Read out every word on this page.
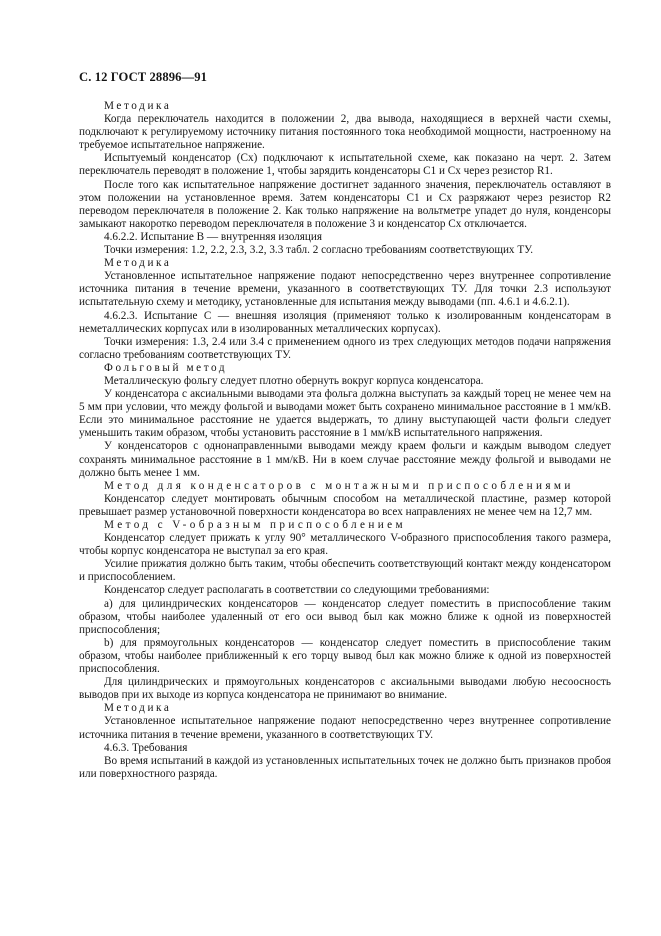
С. 12 ГОСТ 28896—91
Методика

Когда переключатель находится в положении 2, два вывода, находящиеся в верхней части схемы, подключают к регулируемому источнику питания постоянного тока необходимой мощности, настроенному на требуемое испытательное напряжение.

Испытуемый конденсатор (Cx) подключают к испытательной схеме, как показано на черт. 2. Затем переключатель переводят в положение 1, чтобы зарядить конденсаторы C1 и Cx через резистор R1.

После того как испытательное напряжение достигнет заданного значения, переключатель оставляют в этом положении на установленное время. Затем конденсаторы C1 и Cx разряжают через резистор R2 переводом переключателя в положение 2. Как только напряжение на вольтметре упадет до нуля, конденсоры замыкают накоротко переводом переключателя в положение 3 и конденсатор Cx отключается.

4.6.2.2. Испытание В — внутренняя изоляция

Точки измерения: 1.2, 2.2, 2.3, 3.2, 3.3 табл. 2 согласно требованиям соответствующих ТУ.

Методика

Установленное испытательное напряжение подают непосредственно через внутреннее сопротивление источника питания в течение времени, указанного в соответствующих ТУ. Для точки 2.3 используют испытательную схему и методику, установленные для испытания между выводами (пп. 4.6.1 и 4.6.2.1).

4.6.2.3. Испытание С — внешняя изоляция (применяют только к изолированным конденсаторам в неметаллических корпусах или в изолированных металлических корпусах).

Точки измерения: 1.3, 2.4 или 3.4 с применением одного из трех следующих методов подачи напряжения согласно требованиям соответствующих ТУ.

Фольговый метод

Металлическую фольгу следует плотно обернуть вокруг корпуса конденсатора.

У конденсатора с аксиальными выводами эта фольга должна выступать за каждый торец не менее чем на 5 мм при условии, что между фольгой и выводами может быть сохранено минимальное расстояние в 1 мм/кВ. Если это минимальное расстояние не удается выдержать, то длину выступающей части фольги следует уменьшить таким образом, чтобы установить расстояние в 1 мм/кВ испытательного напряжения.

У конденсаторов с однонаправленными выводами между краем фольги и каждым выводом следует сохранять минимальное расстояние в 1 мм/кВ. Ни в коем случае расстояние между фольгой и выводами не должно быть менее 1 мм.

Метод для конденсаторов с монтажными приспособлениями

Конденсатор следует монтировать обычным способом на металлической пластине, размер которой превышает размер установочной поверхности конденсатора во всех направлениях не менее чем на 12,7 мм.

Метод с V-образным приспособлением

Конденсатор следует прижать к углу 90° металлического V-образного приспособления такого размера, чтобы корпус конденсатора не выступал за его края.

Усилие прижатия должно быть таким, чтобы обеспечить соответствующий контакт между конденсатором и приспособлением.

Конденсатор следует располагать в соответствии со следующими требованиями:

а) для цилиндрических конденсаторов — конденсатор следует поместить в приспособление таким образом, чтобы наиболее удаленный от его оси вывод был как можно ближе к одной из поверхностей приспособления;

b) для прямоугольных конденсаторов — конденсатор следует поместить в приспособление таким образом, чтобы наиболее приближенный к его торцу вывод был как можно ближе к одной из поверхностей приспособления.

Для цилиндрических и прямоугольных конденсаторов с аксиальными выводами любую несоосность выводов при их выходе из корпуса конденсатора не принимают во внимание.

Методика

Установленное испытательное напряжение подают непосредственно через внутреннее сопротивление источника питания в течение времени, указанного в соответствующих ТУ.

4.6.3. Требования

Во время испытаний в каждой из установленных испытательных точек не должно быть признаков пробоя или поверхностного разряда.
